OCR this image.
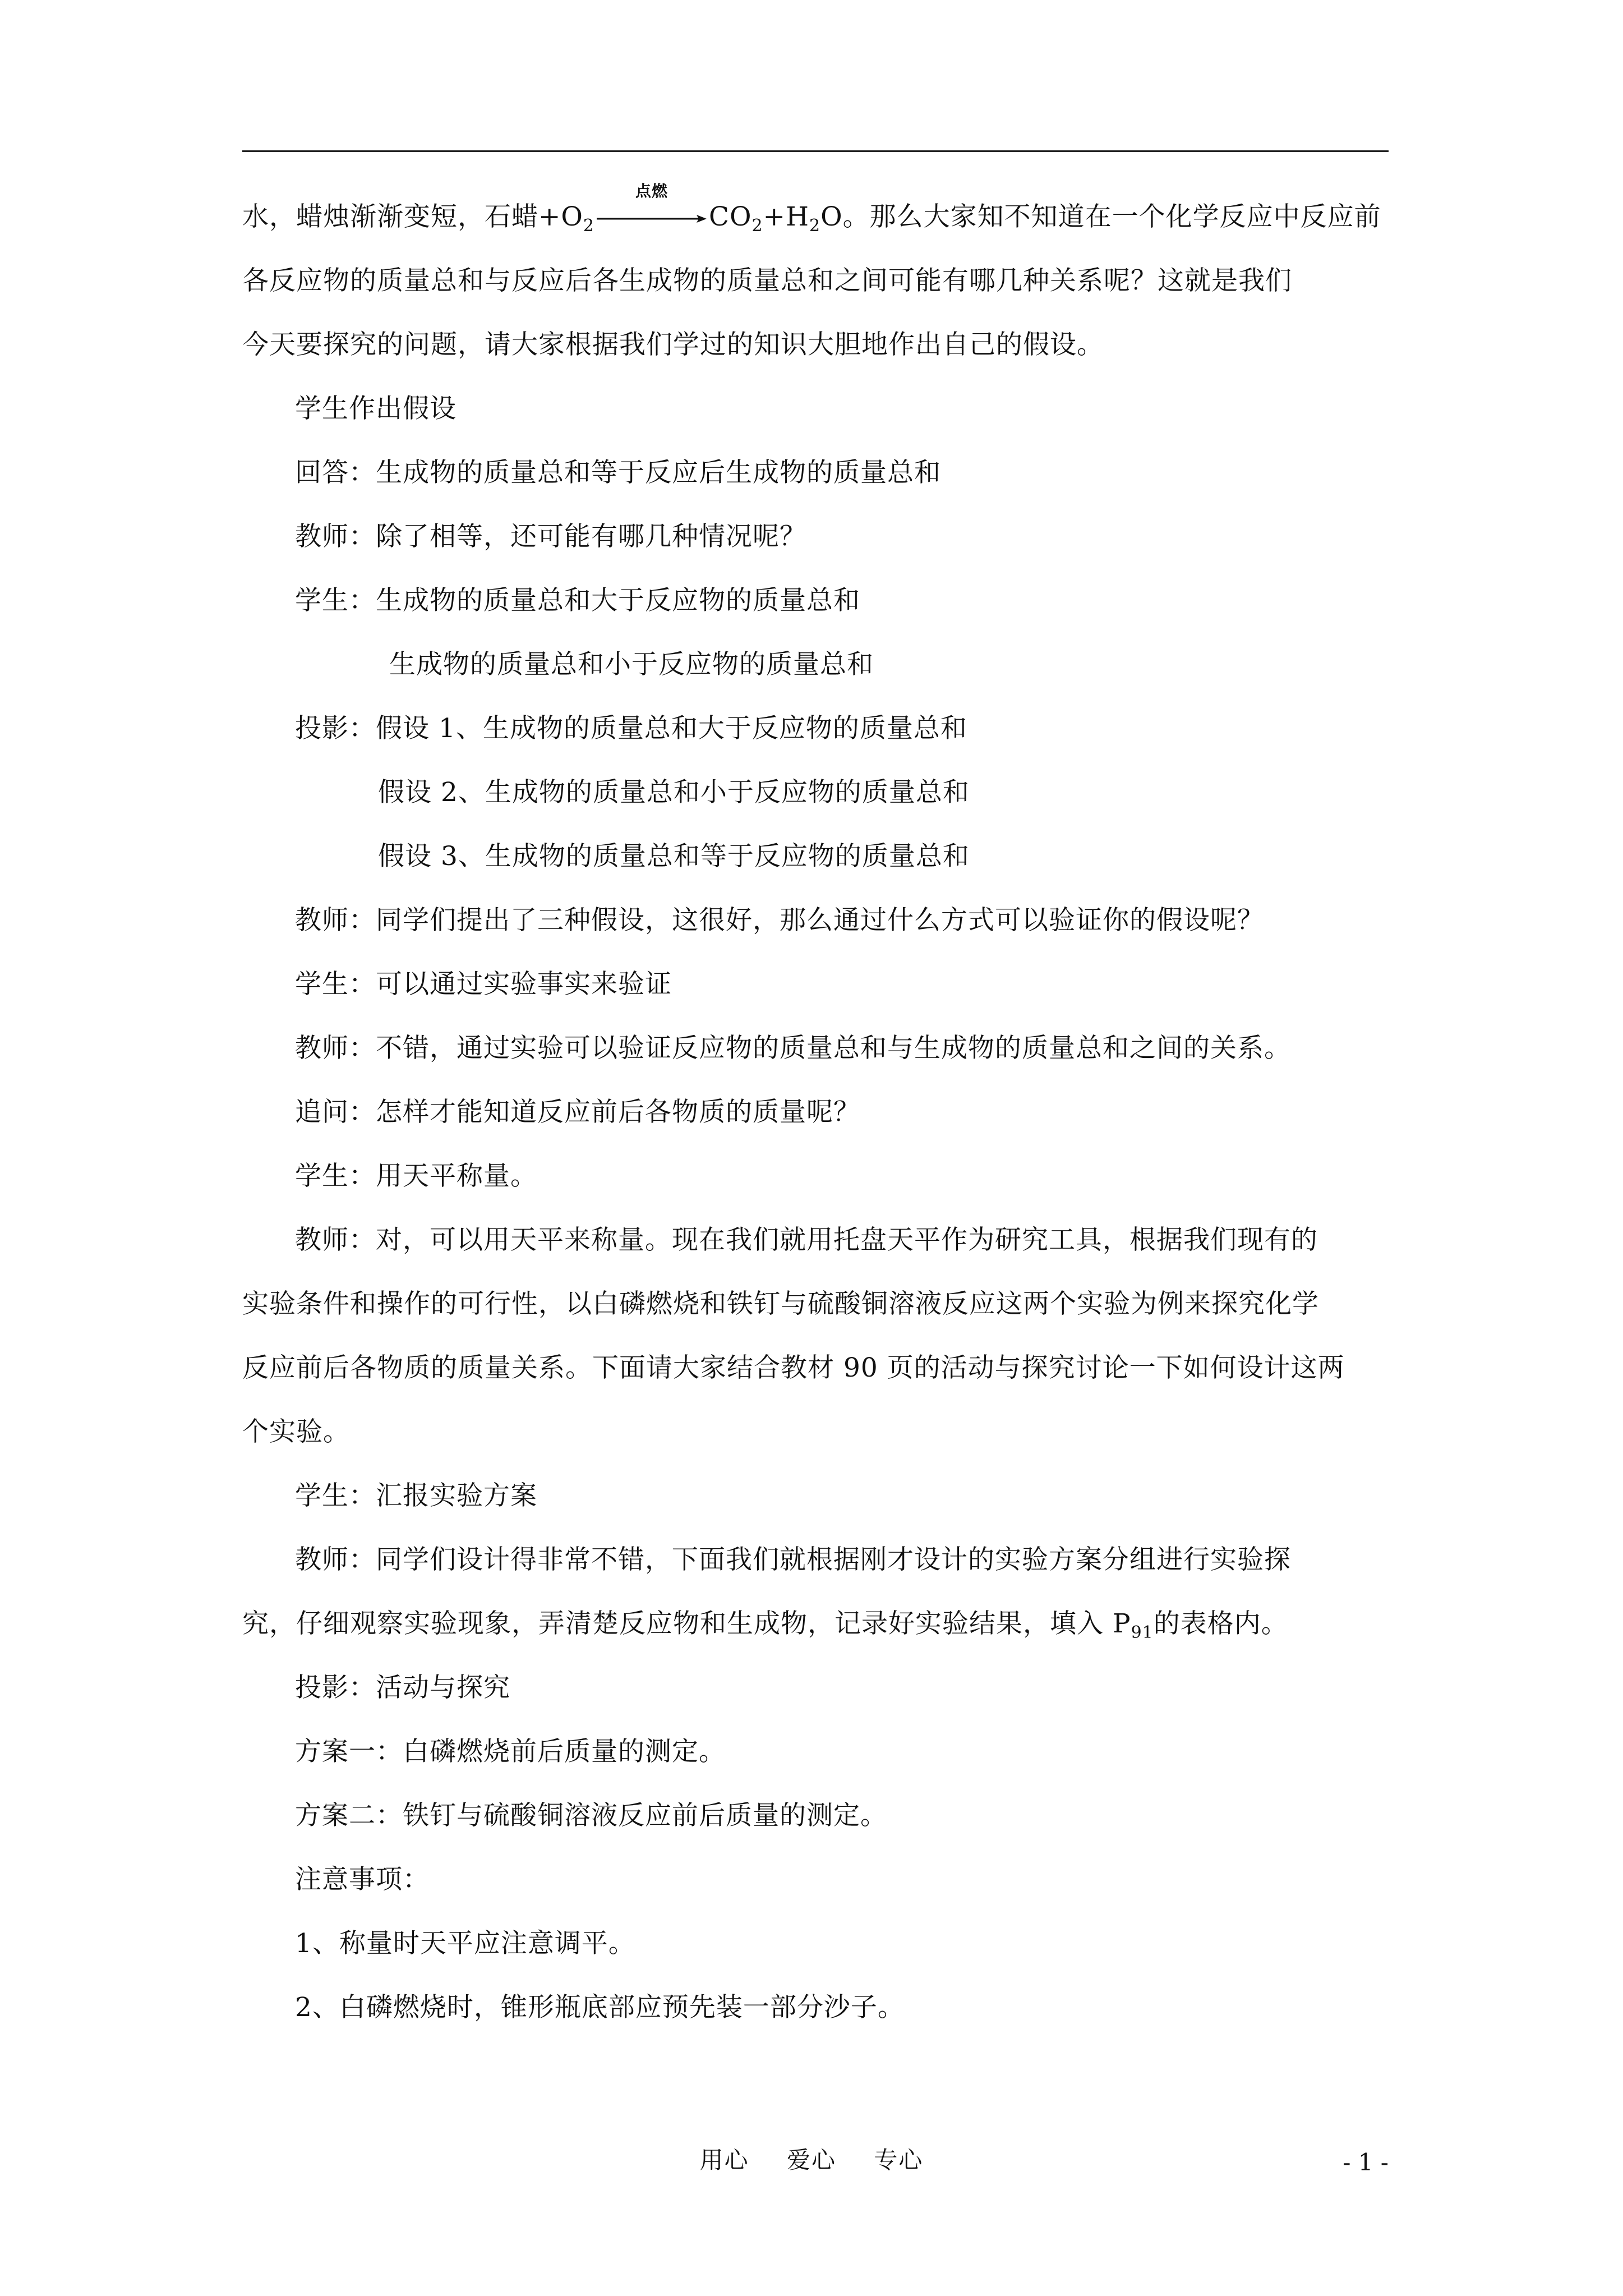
水，蜡烛渐渐变短，石蜡$+O_2$
点燃
$CO_2+H_2O$。那么大家知不知道在一个化学反应中反应前

各反应物的质量总和与反应后各生成物的质量总和之间可能有哪几种关系呢？这就是我们

今天要探究的问题，请大家根据我们学过的知识大胆地作出自己的假设。

学生作出假设

回答：生成物的质量总和等于反应后生成物的质量总和

教师：除了相等，还可能有哪几种情况呢？

学生：生成物的质量总和大于反应物的质量总和

生成物的质量总和小于反应物的质量总和

投影：假设 1、生成物的质量总和大于反应物的质量总和

假设 2、生成物的质量总和小于反应物的质量总和

假设 3、生成物的质量总和等于反应物的质量总和

教师：同学们提出了三种假设，这很好，那么通过什么方式可以验证你的假设呢？

学生：可以通过实验事实来验证

教师：不错，通过实验可以验证反应物的质量总和与生成物的质量总和之间的关系。

追问：怎样才能知道反应前后各物质的质量呢？

学生：用天平称量。

教师：对，可以用天平来称量。现在我们就用托盘天平作为研究工具，根据我们现有的

实验条件和操作的可行性，以白磷燃烧和铁钉与硫酸铜溶液反应这两个实验为例来探究化学

反应前后各物质的质量关系。下面请大家结合教材 90 页的活动与探究讨论一下如何设计这两

个实验。

学生：汇报实验方案

教师：同学们设计得非常不错，下面我们就根据刚才设计的实验方案分组进行实验探

究，仔细观察实验现象，弄清楚反应物和生成物，记录好实验结果，填入 $P_{91}$的表格内。

投影：活动与探究

方案一：白磷燃烧前后质量的测定。

方案二：铁钉与硫酸铜溶液反应前后质量的测定。

注意事项：

1、称量时天平应注意调平。

2、白磷燃烧时，锥形瓶底部应预先装一部分沙子。

用心 爱心 专心	- 1 -
